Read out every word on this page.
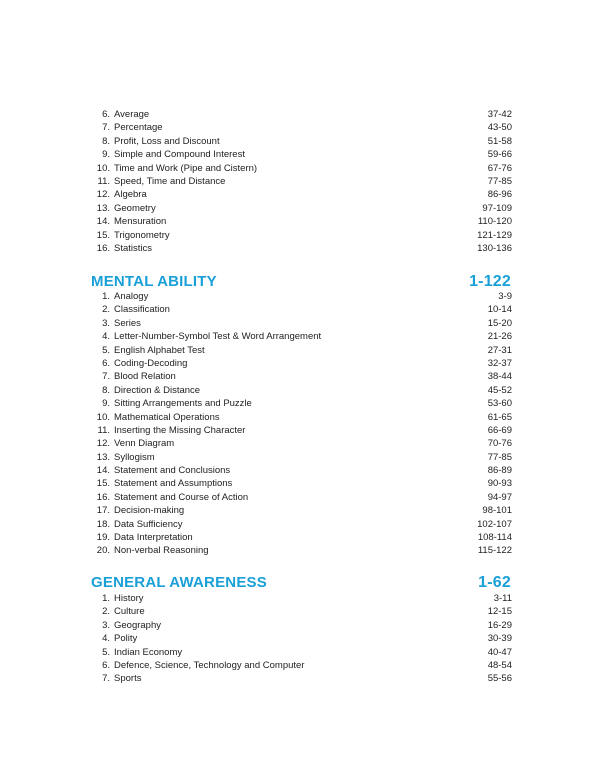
6. Average	37-42
7. Percentage	43-50
8. Profit, Loss and Discount	51-58
9. Simple and Compound Interest	59-66
10. Time and Work (Pipe and Cistern)	67-76
11. Speed, Time and Distance	77-85
12. Algebra	86-96
13. Geometry	97-109
14. Mensuration	110-120
15. Trigonometry	121-129
16. Statistics	130-136
MENTAL ABILITY	1-122
1. Analogy	3-9
2. Classification	10-14
3. Series	15-20
4. Letter-Number-Symbol Test & Word Arrangement	21-26
5. English Alphabet Test	27-31
6. Coding-Decoding	32-37
7. Blood Relation	38-44
8. Direction & Distance	45-52
9. Sitting Arrangements and Puzzle	53-60
10. Mathematical Operations	61-65
11. Inserting the Missing Character	66-69
12. Venn Diagram	70-76
13. Syllogism	77-85
14. Statement and Conclusions	86-89
15. Statement and Assumptions	90-93
16. Statement and Course of Action	94-97
17. Decision-making	98-101
18. Data Sufficiency	102-107
19. Data Interpretation	108-114
20. Non-verbal Reasoning	115-122
GENERAL AWARENESS	1-62
1. History	3-11
2. Culture	12-15
3. Geography	16-29
4. Polity	30-39
5. Indian Economy	40-47
6. Defence, Science, Technology and Computer	48-54
7. Sports	55-56
